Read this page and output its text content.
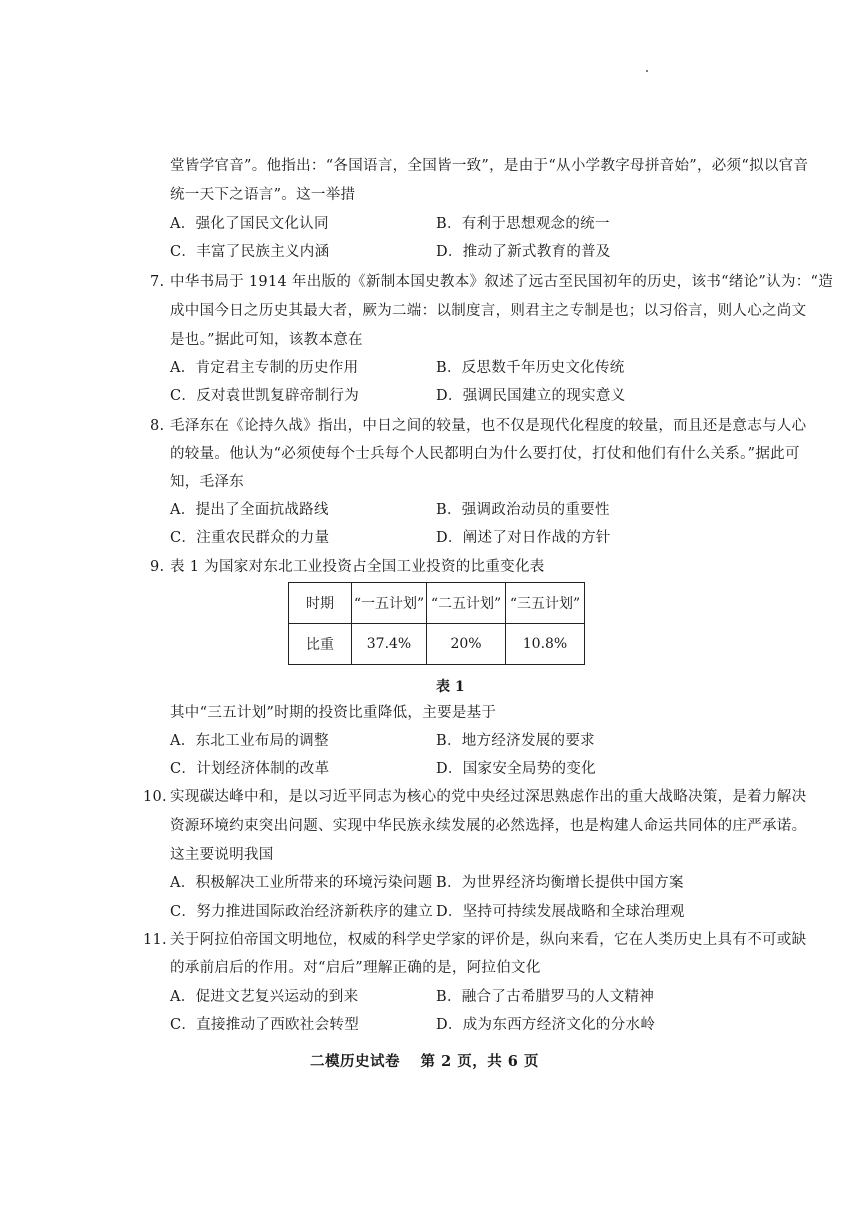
堂皆学官音”。他指出：“各国语言，全国皆一致”，是由于“从小学教字母拼音始”，必须“拟以官音
统一天下之语言”。这一举措
A．强化了国民文化认同	B．有利于思想观念的统一
C．丰富了民族主义内涵	D．推动了新式教育的普及
7. 中华书局于 1914 年出版的《新制本国史教本》叙述了远古至民国初年的历史，该书“绪论”认为：“造
成中国今日之历史其最大者，厥为二端：以制度言，则君主之专制是也；以习俗言，则人心之尚文
是也。”据此可知，该教本意在
A．肯定君主专制的历史作用	B．反思数千年历史文化传统
C．反对袁世凯复辟帝制行为	D．强调民国建立的现实意义
8. 毛泽东在《论持久战》指出，中日之间的较量，也不仅是现代化程度的较量，而且还是意志与人心
的较量。他认为“必须使每个士兵每个人民都明白为什么要打仗，打仗和他们有什么关系。”据此可
知，毛泽东
A．提出了全面抗战路线	B．强调政治动员的重要性
C．注重农民群众的力量	D．阐述了对日作战的方针
9. 表 1 为国家对东北工业投资占全国工业投资的比重变化表
时期	“一五计划”	“二五计划”	“三五计划”
比重	37.4%	20%	10.8%
表 1
其中“三五计划”时期的投资比重降低，主要是基于
A．东北工业布局的调整	B．地方经济发展的要求
C．计划经济体制的改革	D．国家安全局势的变化
10. 实现碳达峰中和，是以习近平同志为核心的党中央经过深思熟虑作出的重大战略决策，是着力解决
资源环境约束突出问题、实现中华民族永续发展的必然选择，也是构建人命运共同体的庄严承诺。
这主要说明我国
A．积极解决工业所带来的环境污染问题 B．为世界经济均衡增长提供中国方案
C．努力推进国际政治经济新秩序的建立 D．坚持可持续发展战略和全球治理观
11. 关于阿拉伯帝国文明地位，权威的科学史学家的评价是，纵向来看，它在人类历史上具有不可或缺
的承前启后的作用。对“启后”理解正确的是，阿拉伯文化
A．促进文艺复兴运动的到来	B．融合了古希腊罗马的人文精神
C．直接推动了西欧社会转型	D．成为东西方经济文化的分水岭
二模历史试卷　 第 2 页，共 6 页
